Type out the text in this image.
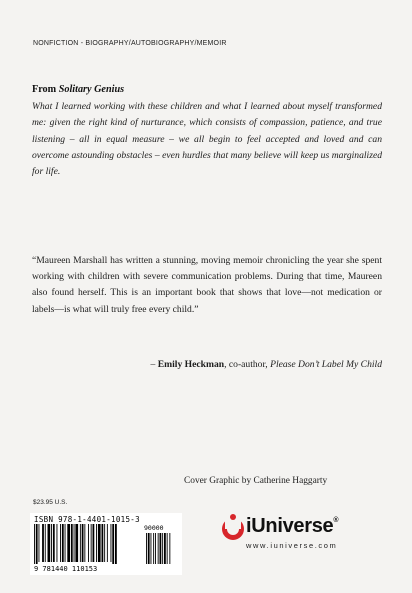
NONFICTION - BIOGRAPHY/AUTOBIOGRAPHY/MEMOIR
From Solitary Genius
What I learned working with these children and what I learned about myself transformed me: given the right kind of nurturance, which consists of compassion, patience, and true listening – all in equal measure – we all begin to feel accepted and loved and can overcome astounding obstacles – even hurdles that many believe will keep us marginalized for life.
“Maureen Marshall has written a stunning, moving memoir chronicling the year she spent working with children with severe communication problems. During that time, Maureen also found herself. This is an important book that shows that love—not medication or labels—is what will truly free every child.”
– Emily Heckman, co-author, Please Don’t Label My Child
Cover Graphic by Catherine Haggarty
$23.95 U.S.
ISBN 978-1-4401-1015-3
90000
9 781440 110153
iUniverse®
www.iuniverse.com
